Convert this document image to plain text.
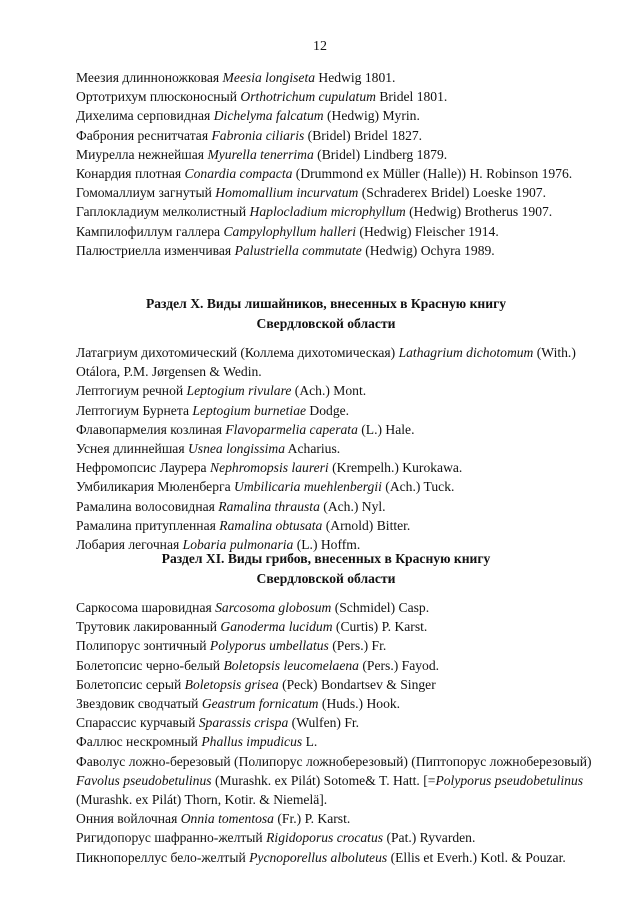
12

Меезия длинноножковая Meesia longiseta Hedwig 1801.

Ортотрихум плюсконосный Orthotrichum cupulatum Bridel 1801.

Дихелима серповидная Dichelyma falcatum (Hedwig) Myrin.

Фаброния реснитчатая Fabronia ciliaris (Bridel) Bridel 1827.

Миурелла нежнейшая Myurella tenerrima (Bridel) Lindberg 1879.

Конардия плотная Conardia compacta (Drummond ex Müller (Halle)) H. Robinson 1976.

Гомомаллиум загнутый Homomallium incurvatum (Schraderex Bridel) Loeske 1907.

Гаплокладиум мелколистный Haplocladium microphyllum (Hedwig) Brotherus 1907.

Кампилофиллум галлера Campylophyllum halleri (Hedwig) Fleischer 1914.

Палюстриелла изменчивая Palustriella commutate (Hedwig) Ochyra 1989.

Раздел X. Виды лишайников, внесенных в Красную книгу
Свердловской области

Латагриум дихотомический (Коллема дихотомическая) Lathagrium dichotomum (With.) Otálora, P.M. Jørgensen & Wedin.

Лептогиум речной Leptogium rivulare (Ach.) Mont.

Лептогиум Бурнета Leptogium burnetiae Dodge.

Флавопармелия козлиная Flavoparmelia caperata (L.) Hale.

Уснея длиннейшая Usnea longissima Acharius.

Нефромопсис Лаурера Nephromopsis laureri (Krempelh.) Kurokawa.

Умбиликария Мюленберга Umbilicaria muehlenbergii (Ach.) Tuck.

Рамалина волосовидная Ramalina thrausta (Ach.) Nyl.

Рамалина притупленная Ramalina obtusata (Arnold) Bitter.

Лобария легочная Lobaria pulmonaria (L.) Hoffm.

Раздел XI. Виды грибов, внесенных в Красную книгу
Свердловской области

Саркосома шаровидная Sarcosoma globosum (Schmidel) Casp.

Трутовик лакированный Ganoderma lucidum (Curtis) P. Karst.

Полипорус зонтичный Polyporus umbellatus (Pers.) Fr.

Болетопсис черно-белый Boletopsis leucomelaena (Pers.) Fayod.

Болетопсис серый Boletopsis grisea (Peck) Bondartsev & Singer

Звездовик сводчатый Geastrum fornicatum (Huds.) Hook.

Спарассис курчавый Sparassis crispa (Wulfen) Fr.

Фаллюс нескромный Phallus impudicus L.

Фаволус ложно-березовый (Полипорус ложноберезовый) (Пиптопорус ложноберезовый) Favolus pseudobetulinus (Murashk. ex Pilát) Sotome& T. Hatt. [=Polyporus pseudobetulinus (Murashk. ex Pilát) Thorn, Kotir. & Niemelä].

Онния войлочная Onnia tomentosa (Fr.) P. Karst.

Ригидопорус шафранно-желтый Rigidoporus crocatus (Pat.) Ryvarden.

Пикнопореллус бело-желтый Pycnoporellus alboluteus (Ellis et Everh.) Kotl. & Pouzar.
